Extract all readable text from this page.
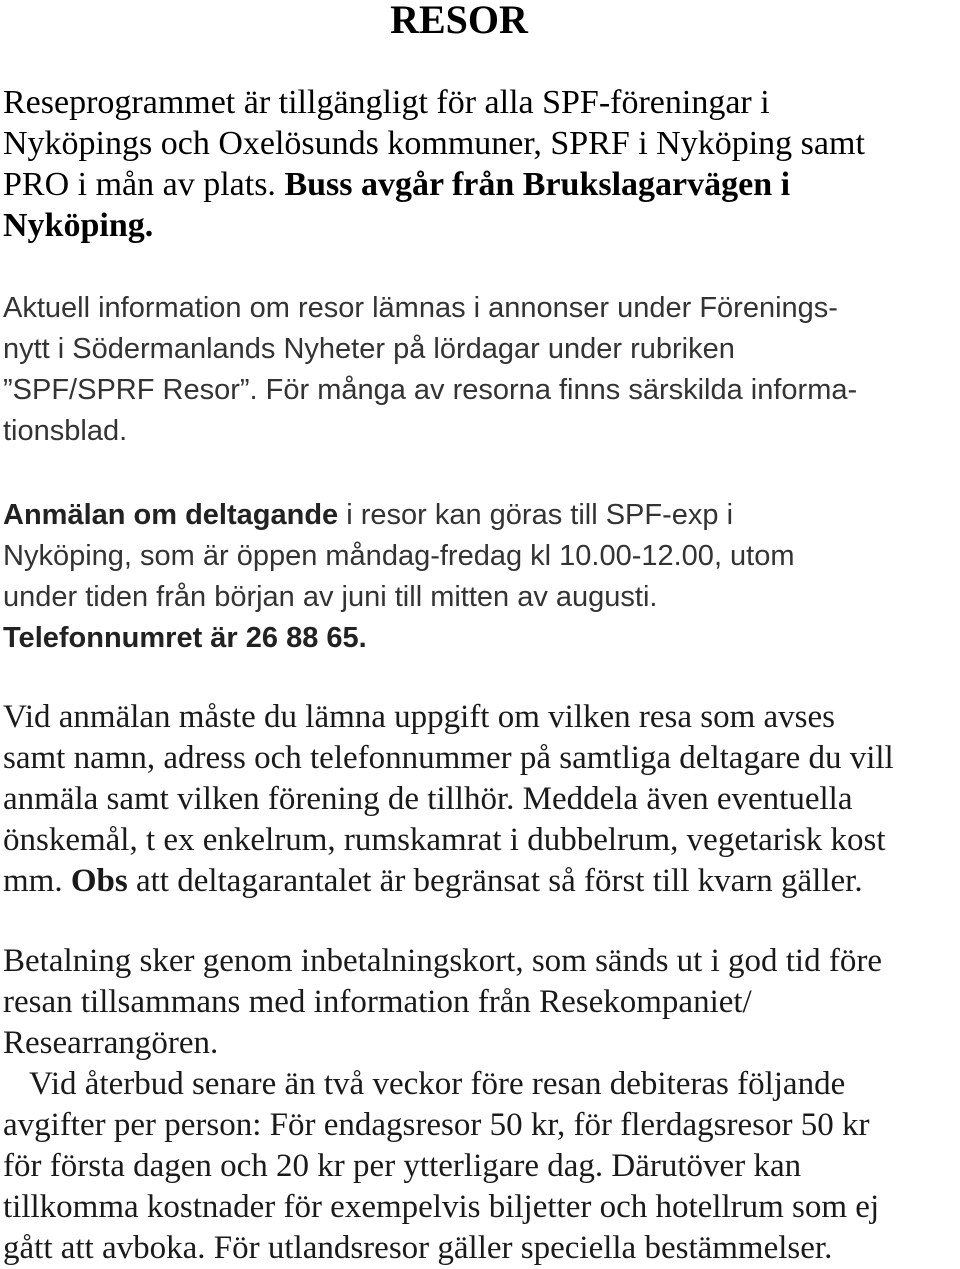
RESOR
Reseprogrammet är tillgängligt för alla SPF-föreningar i
Nyköpings och Oxelösunds kommuner, SPRF i Nyköping samt
PRO i mån av plats. Buss avgår från Brukslagarvägen i
Nyköping.
Aktuell information om resor lämnas i annonser under Förenings-
nytt i Södermanlands Nyheter på lördagar under rubriken
”SPF/SPRF Resor”. För många av resorna finns särskilda informa-
tionsblad.
Anmälan om deltagande i resor kan göras till SPF-exp i
Nyköping, som är öppen måndag-fredag kl 10.00-12.00, utom
under tiden från början av juni till mitten av augusti.
Telefonnumret är 26 88 65.
Vid anmälan måste du lämna uppgift om vilken resa som avses
samt namn, adress och telefonnummer på samtliga deltagare du vill
anmäla samt vilken förening de tillhör. Meddela även eventuella
önskemål, t ex enkelrum, rumskamrat i dubbelrum, vegetarisk kost
mm. Obs att deltagarantalet är begränsat så först till kvarn gäller.
Betalning sker genom inbetalningskort, som sänds ut i god tid före
resan tillsammans med information från Resekompaniet/
Researrangören.
Vid återbud senare än två veckor före resan debiteras följande
avgifter per person: För endagsresor 50 kr, för flerdagsresor 50 kr
för första dagen och 20 kr per ytterligare dag. Därutöver kan
tillkomma kostnader för exempelvis biljetter och hotellrum som ej
gått att avboka. För utlandsresor gäller speciella bestämmelser.
